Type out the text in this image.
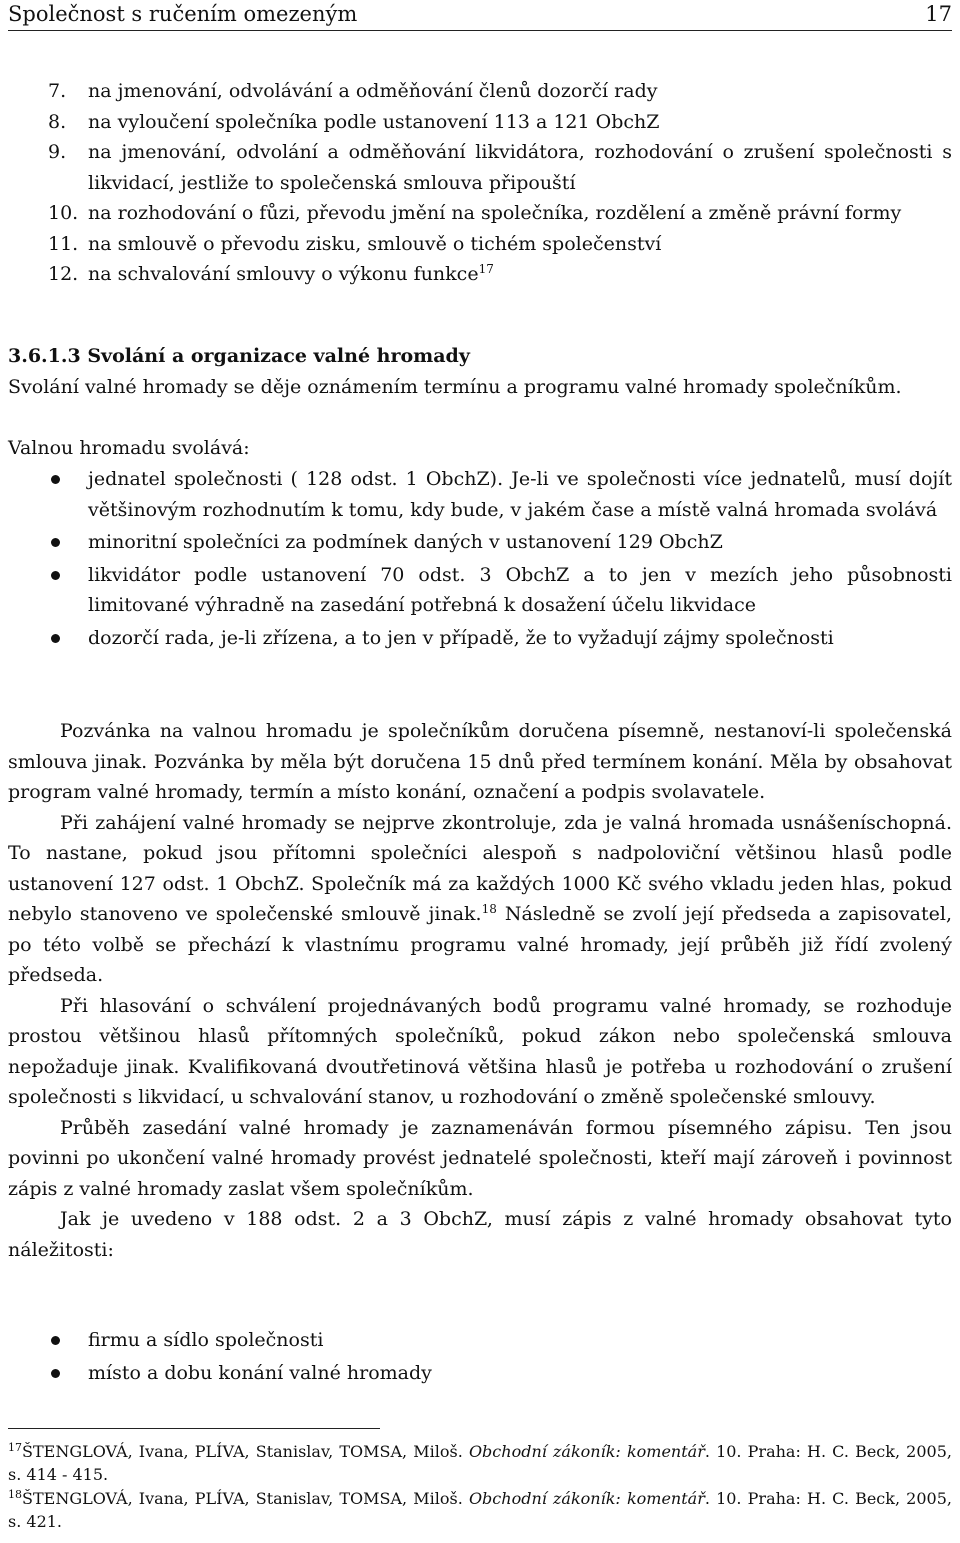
Společnost s ručením omezeným	17
7.	na jmenování, odvolávání a odměňování členů dozorčí rady
8.	na vyloučení společníka podle ustanovení 113 a 121 ObchZ
9.	na jmenování, odvolání a odměňování likvidátora, rozhodování o zrušení společnosti s likvidací, jestliže to společenská smlouva připouští
10. na rozhodování o fůzi, převodu jmění na společníka, rozdělení a změně právní formy
11. na smlouvě o převodu zisku, smlouvě o tichém společenství
12. na schvalování smlouvy o výkonu funkce$^{17}$
3.6.1.3 Svolání a organizace valné hromady
Svolání valné hromady se děje oznámením termínu a programu valné hromady společníkům.
Valnou hromadu svolává:
jednatel společnosti ( 128 odst. 1 ObchZ). Je-li ve společnosti více jednatelů, musí dojít většinovým rozhodnutím k tomu, kdy bude, v jakém čase a místě valná hromada svolává
minoritní společníci za podmínek daných v ustanovení 129 ObchZ
likvidátor podle ustanovení 70 odst. 3 ObchZ a to jen v mezích jeho působnosti limitované výhradně na zasedání potřebná k dosažení účelu likvidace
dozorčí rada, je-li zřízena, a to jen v případě, že to vyžadují zájmy společnosti

Pozvánka na valnou hromadu je společníkům doručena písemně, nestanoví-li společenská smlouva jinak. Pozvánka by měla být doručena 15 dnů před termínem konání. Měla by obsahovat program valné hromady, termín a místo konání, označení a podpis svolavatele.

Při zahájení valné hromady se nejprve zkontroluje, zda je valná hromada usnášeníschopná. To nastane, pokud jsou přítomni společníci alespoň s nadpoloviční většinou hlasů podle ustanovení 127 odst. 1 ObchZ. Společník má za každých 1000 Kč svého vkladu jeden hlas, pokud nebylo stanoveno ve společenské smlouvě jinak.$^{18}$ Následně se zvolí její předseda a zapisovatel, po této volbě se přechází k vlastnímu programu valné hromady, její průběh již řídí zvolený předseda.

Při hlasování o schválení projednávaných bodů programu valné hromady, se rozhoduje prostou většinou hlasů přítomných společníků, pokud zákon nebo společenská smlouva nepožaduje jinak. Kvalifikovaná dvoutřetinová většina hlasů je potřeba u rozhodování o zrušení společnosti s likvidací, u schvalování stanov, u rozhodování o změně společenské smlouvy.

Průběh zasedání valné hromady je zaznamenáván formou písemného zápisu. Ten jsou povinni po ukončení valné hromady provést jednatelé společnosti, kteří mají zároveň i povinnost zápis z valné hromady zaslat všem společníkům.

Jak je uvedeno v 188 odst. 2 a 3 ObchZ, musí zápis z valné hromady obsahovat tyto náležitosti:

firmu a sídlo společnosti
místo a dobu konání valné hromady

$^{17}$ŠTENGLOVÁ, Ivana, PLÍVA, Stanislav, TOMSA, Miloš. Obchodní zákoník: komentář. 10. Praha: H. C. Beck, 2005, s. 414 - 415.

$^{18}$ŠTENGLOVÁ, Ivana, PLÍVA, Stanislav, TOMSA, Miloš. Obchodní zákoník: komentář. 10. Praha: H. C. Beck, 2005, s. 421.
